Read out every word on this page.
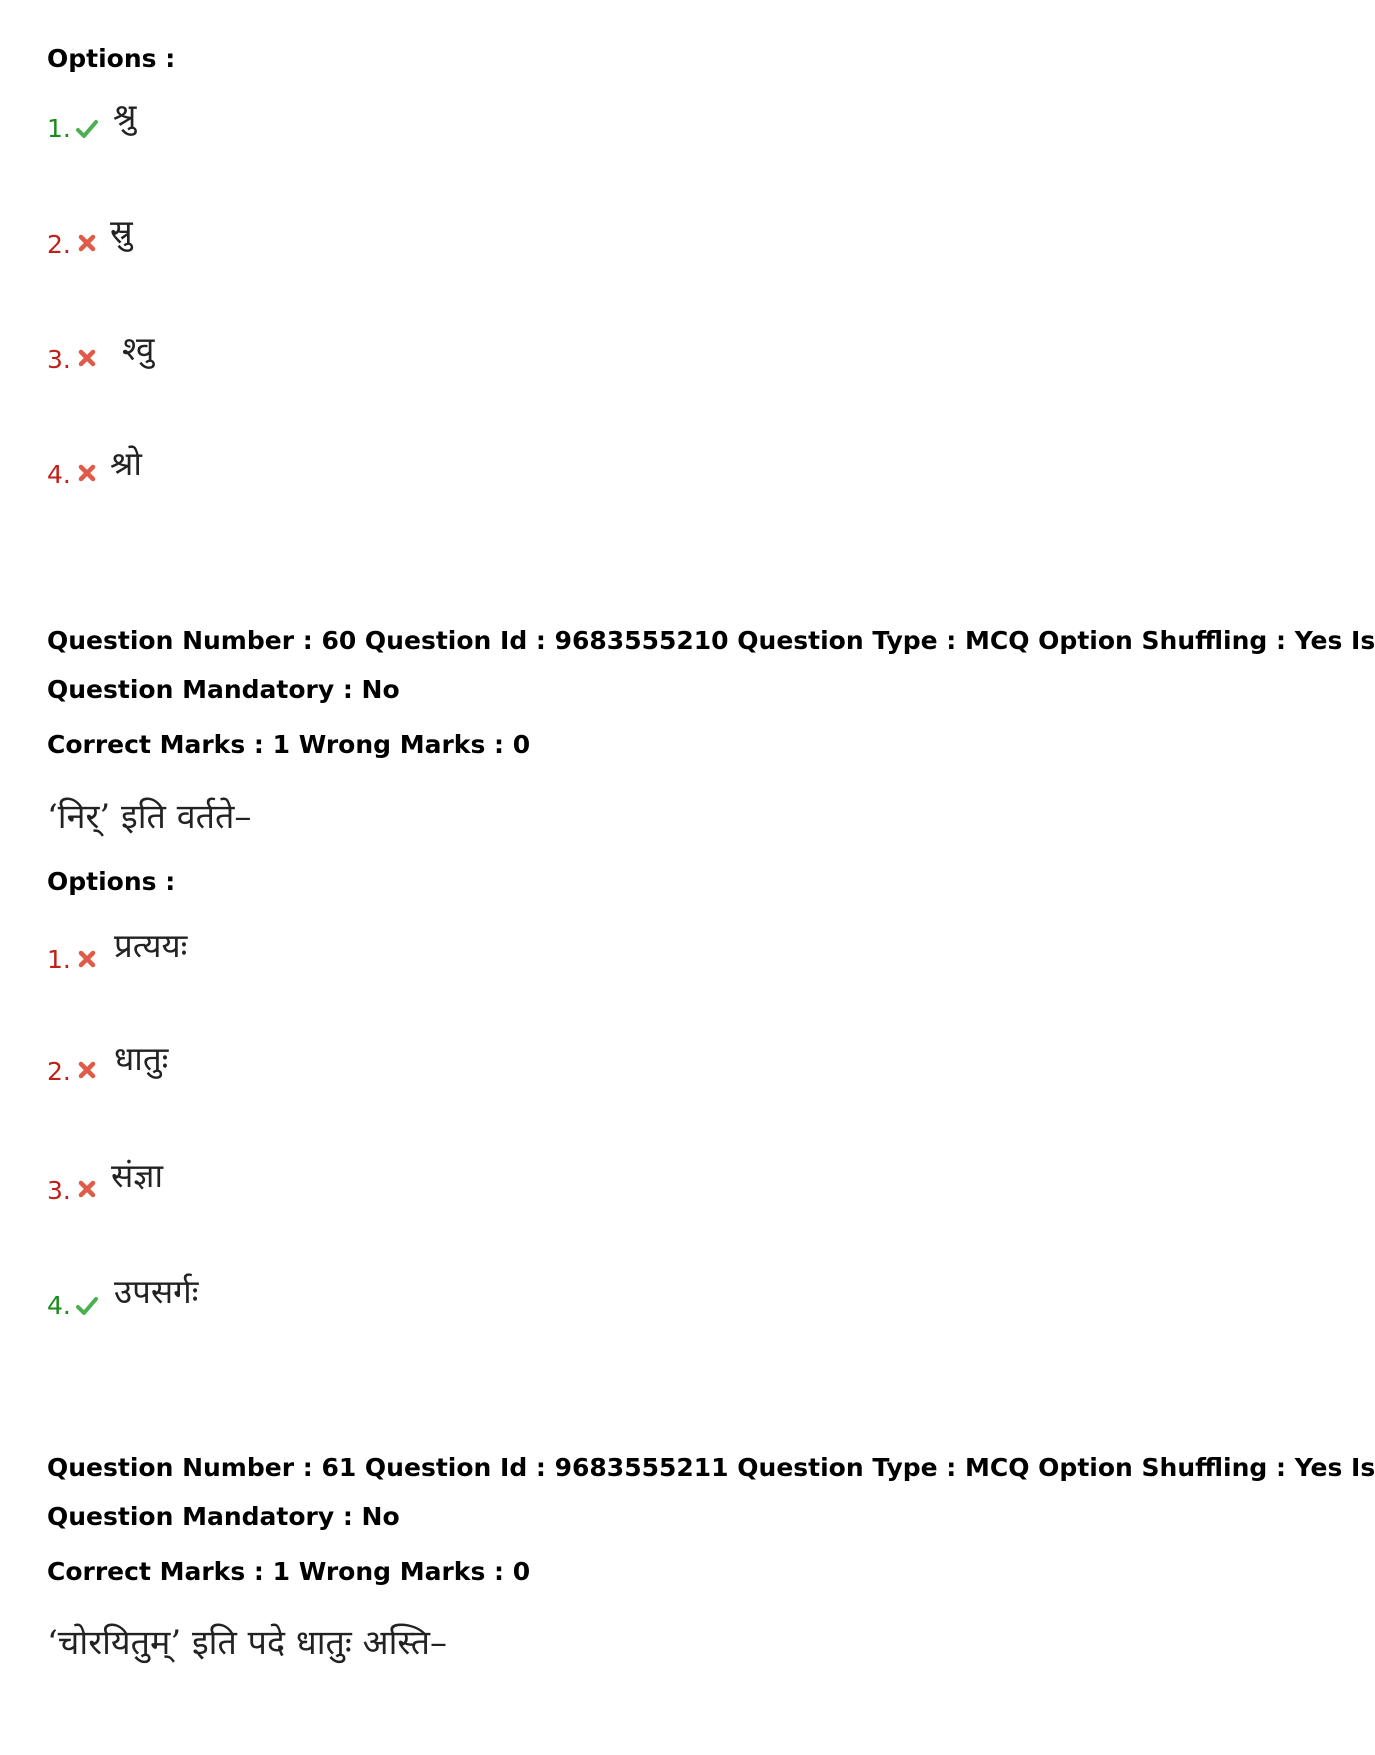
Options :
1. श्रु
2. स्रु
3. श्वु
4. श्रो
Question Number : 60 Question Id : 9683555210 Question Type : MCQ Option Shuffling : Yes Is
Question Mandatory : No
Correct Marks : 1 Wrong Marks : 0
‘निर्’ इति वर्तते–
Options :
1. प्रत्ययः
2. धातुः
3. संज्ञा
4. उपसर्गः
Question Number : 61 Question Id : 9683555211 Question Type : MCQ Option Shuffling : Yes Is
Question Mandatory : No
Correct Marks : 1 Wrong Marks : 0
‘चोरयितुम्’ इति पदे धातुः अस्ति–
